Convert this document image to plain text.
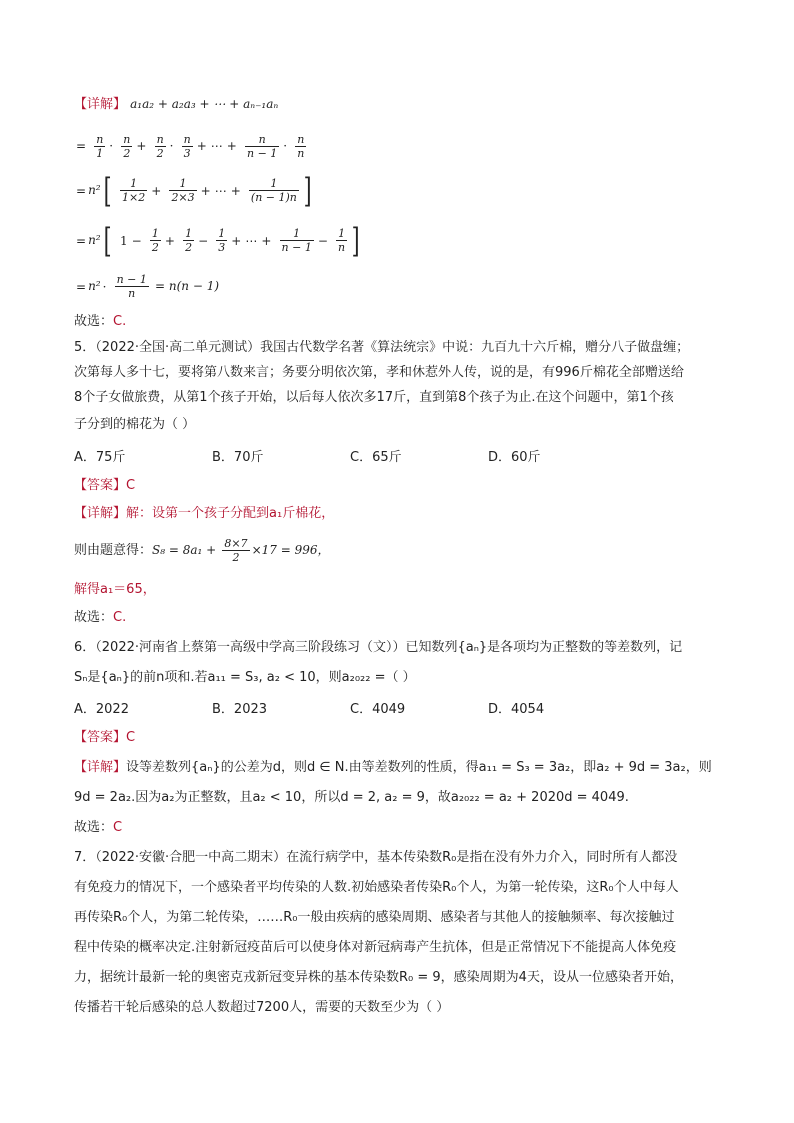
【详解】 a₁a₂ + a₂a₃ + ⋯ + aₙ₋₁aₙ
= $\frac{n}{1} \cdot \frac{n}{2} + \frac{n}{2} \cdot \frac{n}{3}$ + ⋯ + $\frac{n}{n - 1} \cdot \frac{n}{n}$
= $n^2[ \frac{1}{1\times 2} + \frac{1}{2\times 3}$ + ⋯ + $\frac{1}{(n - 1)n}$ ]
= n²[ $1 - \frac{1}{2} + \frac{1}{2} - \frac{1}{3}$ + ⋯ + $\frac{1}{n - 1} - \frac{1}{n}$ ]
= $n^2 \cdot \frac{n - 1}{n} = n(n - 1)$
故选：C.
5．（2022·全国·高二单元测试）我国古代数学名著《算法统宗》中说：九百九十六斤棉，赠分八子做盘缠；
次第每人多十七，要将第八数来言；务要分明依次第，孝和休惹外人传，说的是，有996斤棉花全部赠送给
8个子女做旅费，从第1个孩子开始，以后每人依次多17斤，直到第8个孩子为止.在这个问题中，第1个孩
子分到的棉花为（ ）
A．75斤	B．70斤	C．65斤	D．60斤
【答案】C
【详解】解：设第一个孩子分配到a₁斤棉花，
则由题意得：$S_8 = 8a_1 + \frac{8\times 7}{2} \times 17 = 996$，
解得a₁＝65，
故选：C.
6．（2022·河南省上蔡第一高级中学高三阶段练习（文））已知数列{aₙ}是各项均为正整数的等差数列，记
Sₙ是{aₙ}的前n项和.若a₁₁ = S₃, a₂ < 10，则a₂₀₂₂ =（ ）
A．2022	B．2023	C．4049	D．4054
【答案】C
【详解】设等差数列{aₙ}的公差为d，则d ∈ N.由等差数列的性质，得a₁₁ = S₃ = 3a₂，即a₂ + 9d = 3a₂，则
9d = 2a₂.因为a₂为正整数，且a₂ < 10，所以d = 2, a₂ = 9，故a₂₀₂₂ = a₂ + 2020d = 4049.
故选：C
7．（2022·安徽·合肥一中高二期末）在流行病学中，基本传染数R₀是指在没有外力介入，同时所有人都没
有免疫力的情况下，一个感染者平均传染的人数.初始感染者传染R₀个人，为第一轮传染，这R₀个人中每人
再传染R₀个人，为第二轮传染，……R₀一般由疾病的感染周期、感染者与其他人的接触频率、每次接触过
程中传染的概率决定.注射新冠疫苗后可以使身体对新冠病毒产生抗体，但是正常情况下不能提高人体免疫
力，据统计最新一轮的奥密克戎新冠变异株的基本传染数R₀ = 9，感染周期为4天，设从一位感染者开始，
传播若干轮后感染的总人数超过7200人，需要的天数至少为（ ）
